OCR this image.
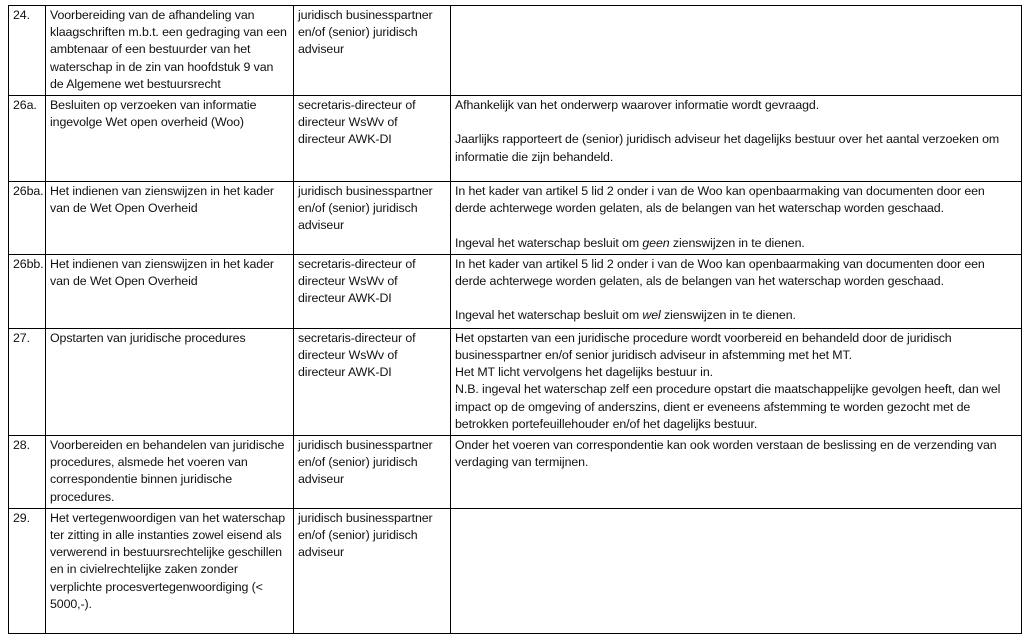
24.	Voorbereiding van de afhandeling van klaagschriften m.b.t. een gedraging van een ambtenaar of een bestuurder van het waterschap in de zin van hoofdstuk 9 van de Algemene wet bestuursrecht	juridisch businesspartner en/of (senior) juridisch adviseur	
26a.	Besluiten op verzoeken van informatie ingevolge Wet open overheid (Woo)	secretaris-directeur of directeur WsWv of directeur AWK-DI	Afhankelijk van het onderwerp waarover informatie wordt gevraagd.
Jaarlijks rapporteert de (senior) juridisch adviseur het dagelijks bestuur over het aantal verzoeken om informatie die zijn behandeld.

26ba.	Het indienen van zienswijzen in het kader van de Wet Open Overheid	juridisch businesspartner en/of (senior) juridisch adviseur	In het kader van artikel 5 lid 2 onder i van de Woo kan openbaarmaking van documenten door een derde achterwege worden gelaten, als de belangen van het waterschap worden geschaad.
Ingeval het waterschap besluit om geen zienswijzen in te dienen.

26bb.	Het indienen van zienswijzen in het kader van de Wet Open Overheid	secretaris-directeur of directeur WsWv of directeur AWK-DI	In het kader van artikel 5 lid 2 onder i van de Woo kan openbaarmaking van documenten door een derde achterwege worden gelaten, als de belangen van het waterschap worden geschaad.
Ingeval het waterschap besluit om wel zienswijzen in te dienen.

27.	Opstarten van juridische procedures	secretaris-directeur of directeur WsWv of directeur AWK-DI	Het opstarten van een juridische procedure wordt voorbereid en behandeld door de juridisch businesspartner en/of senior juridisch adviseur in afstemming met het MT.
Het MT licht vervolgens het dagelijks bestuur in.
N.B. ingeval het waterschap zelf een procedure opstart die maatschappelijke gevolgen heeft, dan wel impact op de omgeving of anderszins, dient er eveneens afstemming te worden gezocht met de betrokken portefeuillehouder en/of het dagelijks bestuur.

28.	Voorbereiden en behandelen van juridische procedures, alsmede het voeren van correspondentie binnen juridische procedures.	juridisch businesspartner en/of (senior) juridisch adviseur	Onder het voeren van correspondentie kan ook worden verstaan de beslissing en de verzending van verdaging van termijnen.

29.	Het vertegenwoordigen van het waterschap ter zitting in alle instanties zowel eisend als verwerend in bestuursrechtelijke geschillen en in civielrechtelijke zaken zonder verplichte procesvertegenwoordiging (< 5000,-).	juridisch businesspartner en/of (senior) juridisch adviseur	
